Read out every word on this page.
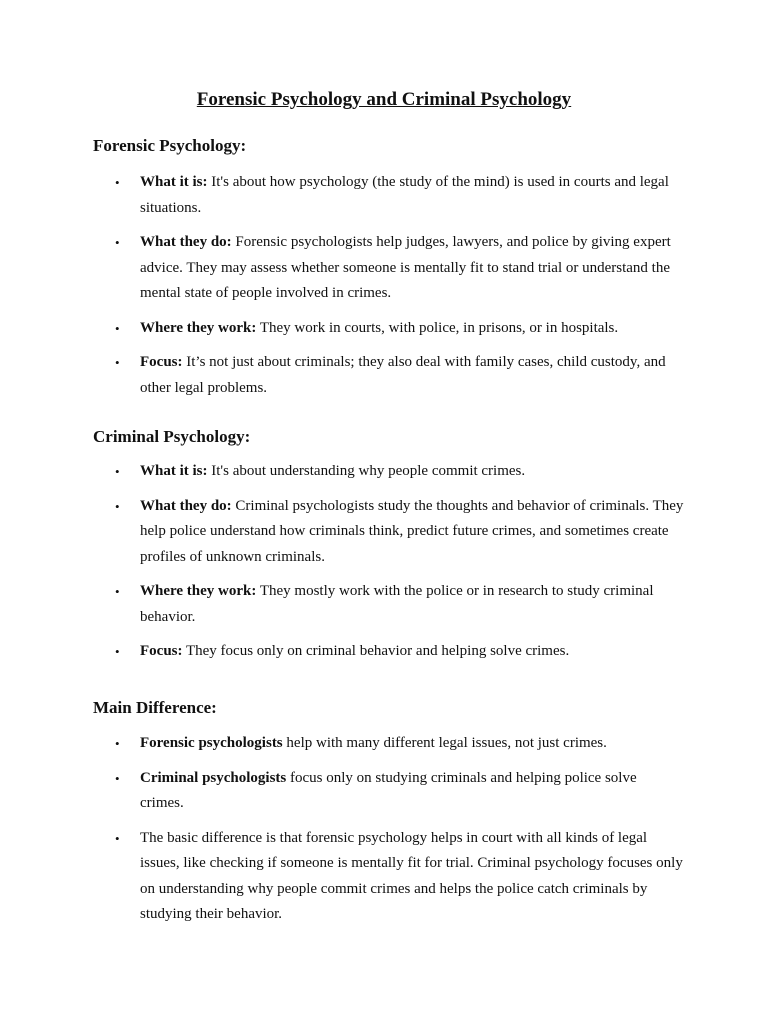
Forensic Psychology and Criminal Psychology
Forensic Psychology:
• What it is: It's about how psychology (the study of the mind) is used in courts and legal situations.
• What they do: Forensic psychologists help judges, lawyers, and police by giving expert advice. They may assess whether someone is mentally fit to stand trial or understand the mental state of people involved in crimes.
• Where they work: They work in courts, with police, in prisons, or in hospitals.
• Focus: It’s not just about criminals; they also deal with family cases, child custody, and other legal problems.
Criminal Psychology:
• What it is: It's about understanding why people commit crimes.
• What they do: Criminal psychologists study the thoughts and behavior of criminals. They help police understand how criminals think, predict future crimes, and sometimes create profiles of unknown criminals.
• Where they work: They mostly work with the police or in research to study criminal behavior.
• Focus: They focus only on criminal behavior and helping solve crimes.
Main Difference:
• Forensic psychologists help with many different legal issues, not just crimes.
• Criminal psychologists focus only on studying criminals and helping police solve crimes.
• The basic difference is that forensic psychology helps in court with all kinds of legal issues, like checking if someone is mentally fit for trial. Criminal psychology focuses only on understanding why people commit crimes and helps the police catch criminals by studying their behavior.
